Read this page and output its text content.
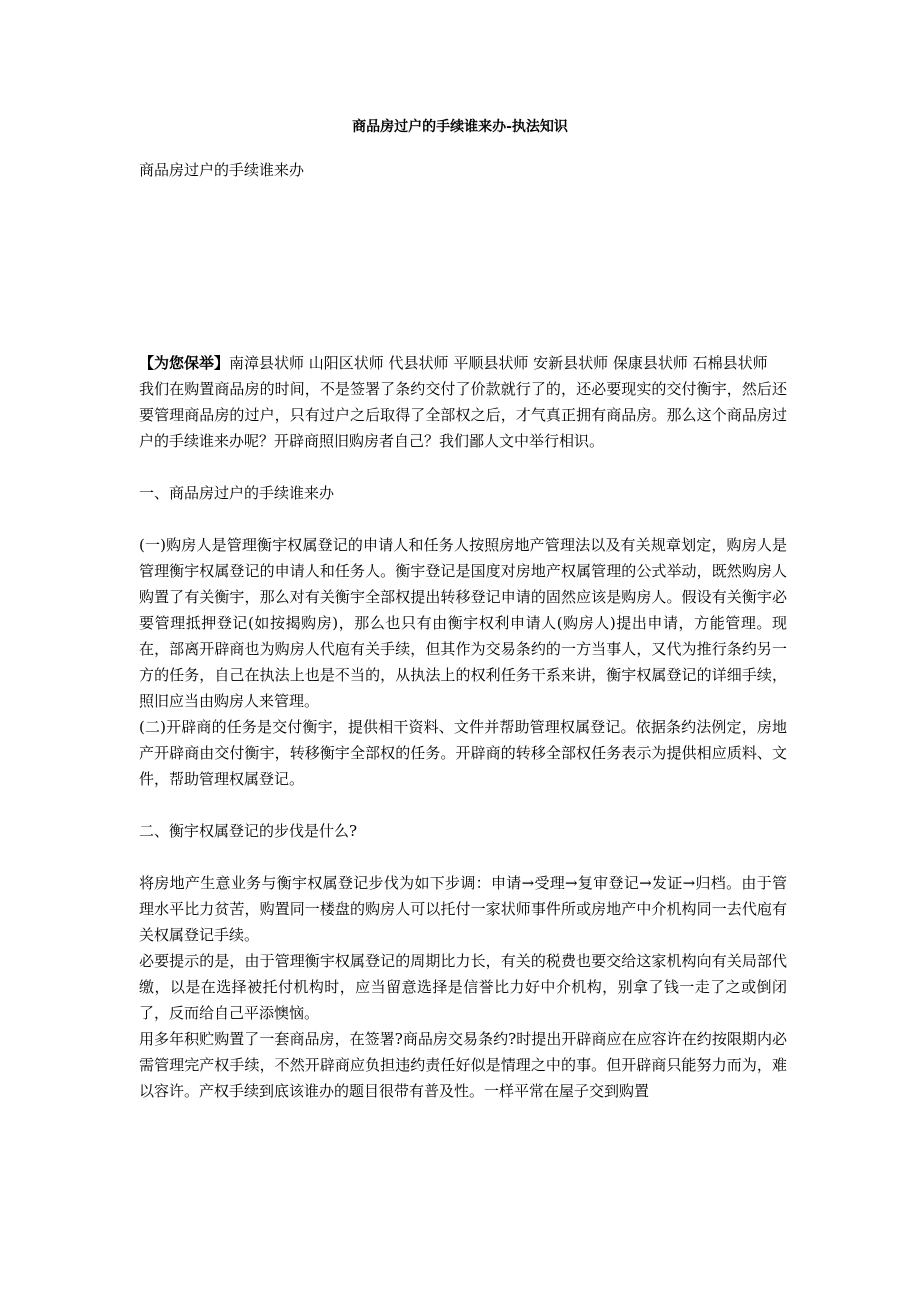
商品房过户的手续谁来办-执法知识

商品房过户的手续谁来办

【为您保举】南漳县状师 山阳区状师 代县状师 平顺县状师 安新县状师 保康县状师 石棉县状师

我们在购置商品房的时间，不是签署了条约交付了价款就行了的，还必要现实的交付衡宇，然后还要管理商品房的过户，只有过户之后取得了全部权之后，才气真正拥有商品房。那么这个商品房过户的手续谁来办呢？开辟商照旧购房者自己？我们鄙人文中举行相识。

一、商品房过户的手续谁来办

(一)购房人是管理衡宇权属登记的申请人和任务人按照房地产管理法以及有关规章划定，购房人是管理衡宇权属登记的申请人和任务人。衡宇登记是国度对房地产权属管理的公式举动，既然购房人购置了有关衡宇，那么对有关衡宇全部权提出转移登记申请的固然应该是购房人。假设有关衡宇必要管理抵押登记(如按揭购房)，那么也只有由衡宇权利申请人(购房人)提出申请，方能管理。现在，部离开辟商也为购房人代庖有关手续，但其作为交易条约的一方当事人，又代为推行条约另一方的任务，自己在执法上也是不当的，从执法上的权利任务干系来讲，衡宇权属登记的详细手续，照旧应当由购房人来管理。

(二)开辟商的任务是交付衡宇，提供相干资料、文件并帮助管理权属登记。依据条约法例定，房地产开辟商由交付衡宇，转移衡宇全部权的任务。开辟商的转移全部权任务表示为提供相应质料、文件，帮助管理权属登记。

二、衡宇权属登记的步伐是什么?

将房地产生意业务与衡宇权属登记步伐为如下步调：申请→受理→复审登记→发证→归档。由于管理水平比力贫苦，购置同一楼盘的购房人可以托付一家状师事件所或房地产中介机构同一去代庖有关权属登记手续。

必要提示的是，由于管理衡宇权属登记的周期比力长，有关的税费也要交给这家机构向有关局部代缴，以是在选择被托付机构时，应当留意选择是信誉比力好中介机构，别拿了钱一走了之或倒闭了，反而给自己平添懊恼。

用多年积贮购置了一套商品房，在签署?商品房交易条约?时提出开辟商应在应容许在约按限期内必需管理完产权手续，不然开辟商应负担违约责任好似是情理之中的事。但开辟商只能努力而为，难以容许。产权手续到底该谁办的题目很带有普及性。一样平常在屋子交到购置
